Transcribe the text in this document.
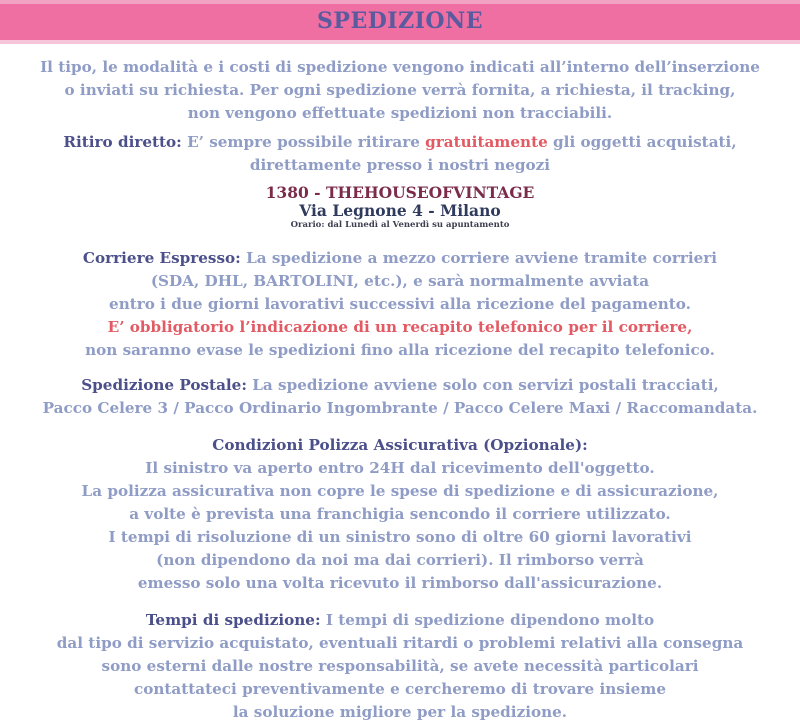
SPEDIZIONE
Il tipo, le modalità e i costi di spedizione vengono indicati all’interno dell’inserzione
o inviati su richiesta. Per ogni spedizione verrà fornita, a richiesta, il tracking,
non vengono effettuate spedizioni non tracciabili.
Ritiro diretto: E’ sempre possibile ritirare gratuitamente gli oggetti acquistati,
direttamente presso i nostri negozi
1380 - THEHOUSEOFVINTAGE
Via Legnone 4 - Milano
Orario: dal Lunedì al Venerdì su apuntamento
Corriere Espresso: La spedizione a mezzo corriere avviene tramite corrieri
(SDA, DHL, BARTOLINI, etc.), e sarà normalmente avviata
entro i due giorni lavorativi successivi alla ricezione del pagamento.
E’ obbligatorio l’indicazione di un recapito telefonico per il corriere,
non saranno evase le spedizioni fino alla ricezione del recapito telefonico.
Spedizione Postale: La spedizione avviene solo con servizi postali tracciati,
Pacco Celere 3 / Pacco Ordinario Ingombrante / Pacco Celere Maxi / Raccomandata.
Condizioni Polizza Assicurativa (Opzionale):
Il sinistro va aperto entro 24H dal ricevimento dell'oggetto.
La polizza assicurativa non copre le spese di spedizione e di assicurazione,
a volte è prevista una franchigia sencondo il corriere utilizzato.
I tempi di risoluzione di un sinistro sono di oltre 60 giorni lavorativi
(non dipendono da noi ma dai corrieri). Il rimborso verrà
emesso solo una volta ricevuto il rimborso dall'assicurazione.
Tempi di spedizione: I tempi di spedizione dipendono molto
dal tipo di servizio acquistato, eventuali ritardi o problemi relativi alla consegna
sono esterni dalle nostre responsabilità, se avete necessità particolari
contattateci preventivamente e cercheremo di trovare insieme
la soluzione migliore per la spedizione.
